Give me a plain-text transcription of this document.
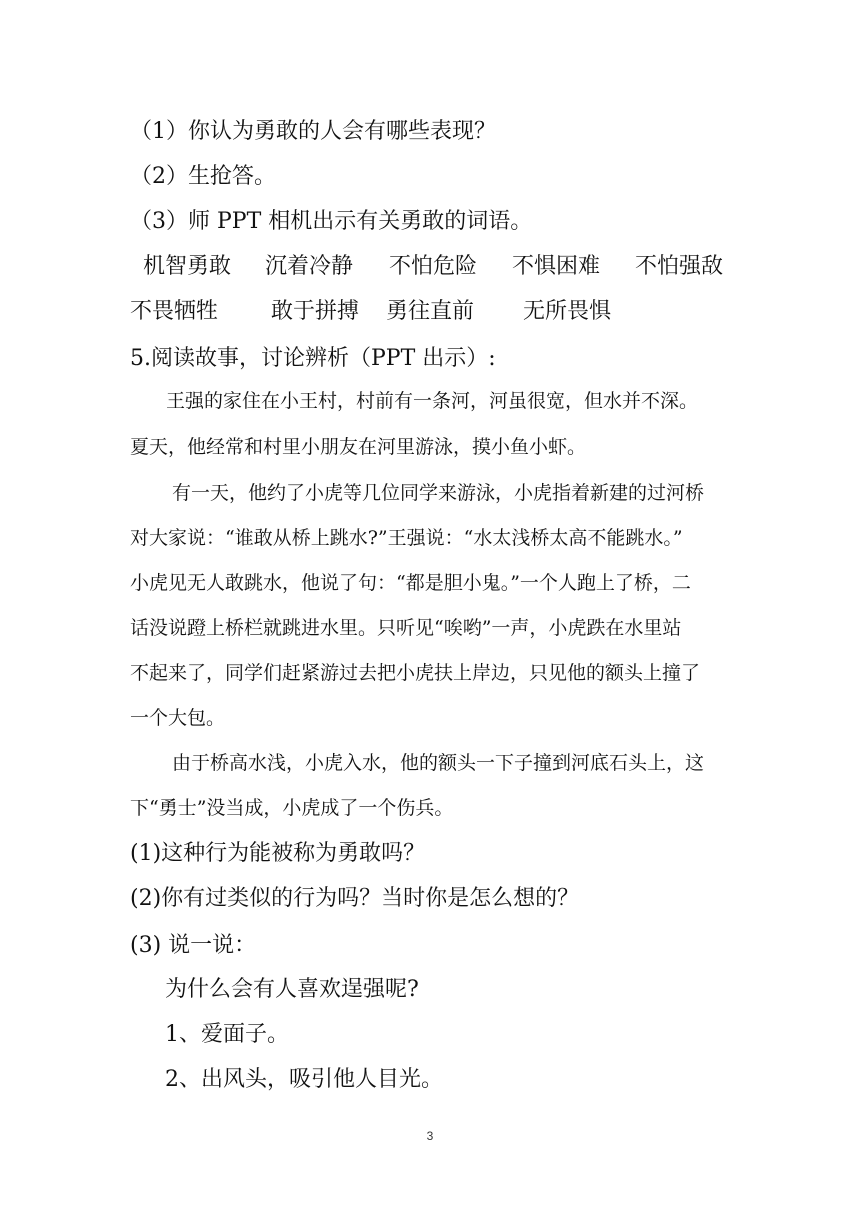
（1）你认为勇敢的人会有哪些表现？

（2）生抢答。

（3）师 PPT 相机出示有关勇敢的词语。

机智勇敢 沉着冷静 不怕危险 不惧困难 不怕强敌
不畏牺牲 敢于拼搏 勇往直前 无所畏惧

5.阅读故事，讨论辨析（PPT 出示）:

王强的家住在小王村，村前有一条河，河虽很宽，但水并不深。

夏天，他经常和村里小朋友在河里游泳，摸小鱼小虾。

有一天，他约了小虎等几位同学来游泳，小虎指着新建的过河桥

对大家说：“谁敢从桥上跳水?”王强说：“水太浅桥太高不能跳水。”

小虎见无人敢跳水，他说了句：“都是胆小鬼。”一个人跑上了桥，二

话没说蹬上桥栏就跳进水里。只听见“唉哟”一声，小虎跌在水里站

不起来了，同学们赶紧游过去把小虎扶上岸边，只见他的额头上撞了

一个大包。

由于桥高水浅，小虎入水，他的额头一下子撞到河底石头上，这

下“勇士”没当成，小虎成了一个伤兵。

(1)这种行为能被称为勇敢吗？

(2)你有过类似的行为吗？当时你是怎么想的？

(3) 说一说：

为什么会有人喜欢逞强呢?

1、爱面子。

2、出风头，吸引他人目光。

3
